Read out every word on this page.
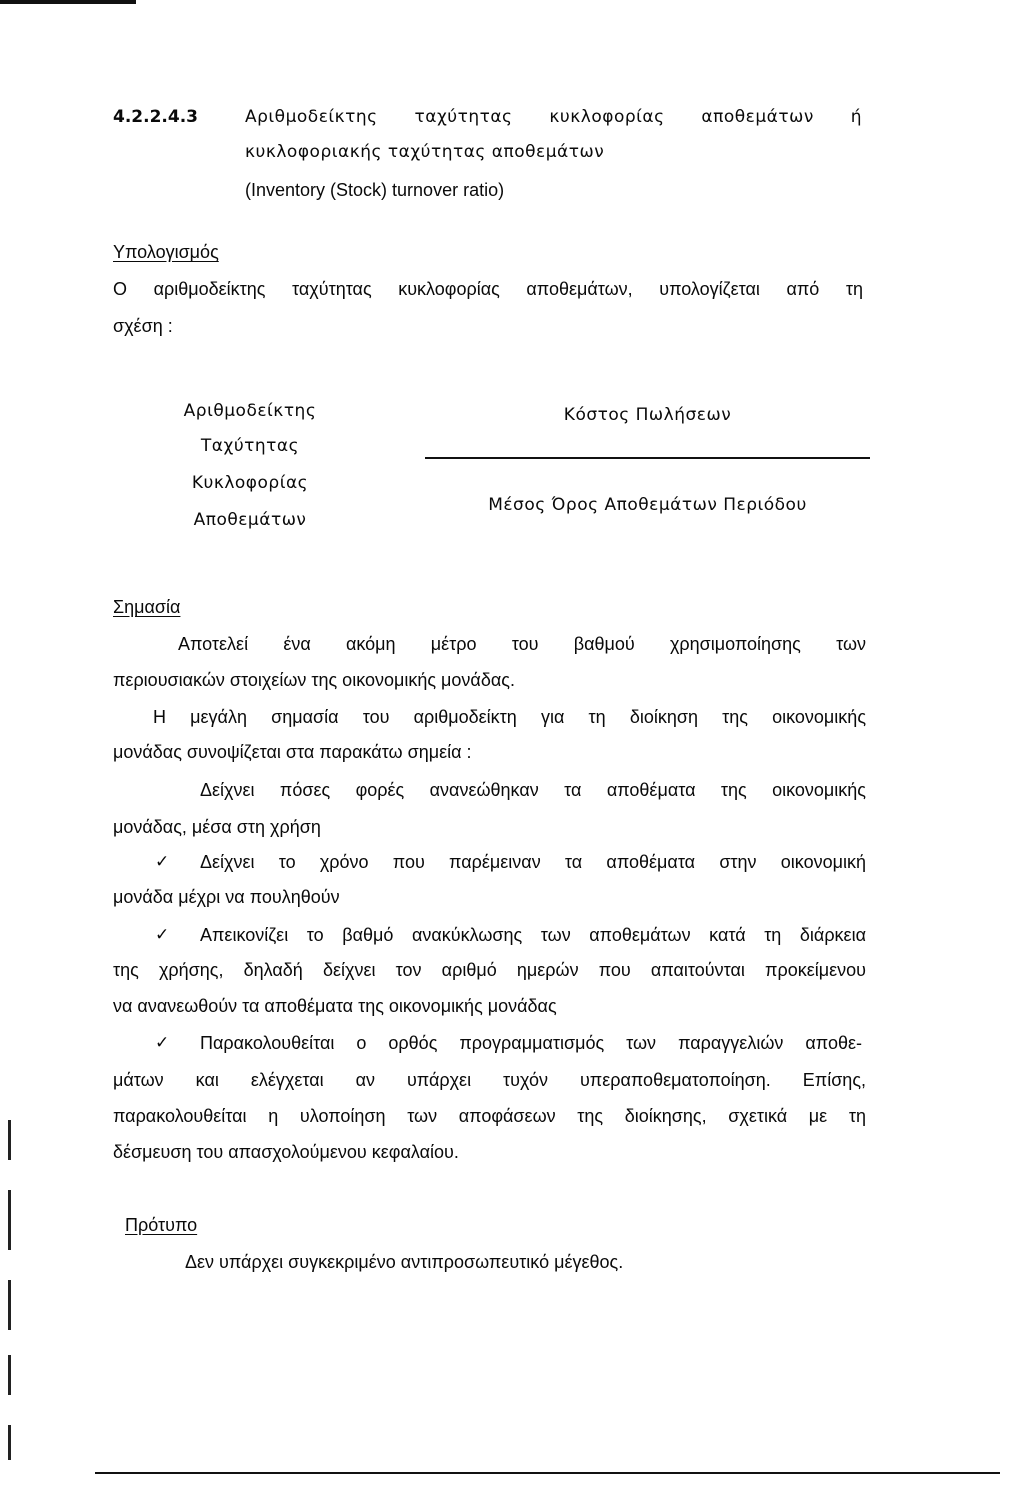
4.2.2.4.3	Αριθμοδείκτης ταχύτητας κυκλοφορίας αποθεμάτων ή
κυκλοφοριακής ταχύτητας αποθεμάτων
(Inventory (Stock) turnover ratio)
Υπολογισμός
Ο αριθμοδείκτης ταχύτητας κυκλοφορίας αποθεμάτων, υπολογίζεται από τη
σχέση :
Αριθμοδείκτης
Ταχύτητας
Κυκλοφορίας
Αποθεμάτων
Κόστος Πωλήσεων
Μέσος Όρος Αποθεμάτων Περιόδου
Σημασία
Αποτελεί ένα ακόμη μέτρο του βαθμού χρησιμοποίησης των
περιουσιακών στοιχείων της οικονομικής μονάδας.
Η μεγάλη σημασία του αριθμοδείκτη για τη διοίκηση της οικονομικής
μονάδας συνοψίζεται στα παρακάτω σημεία :
Δείχνει πόσες φορές ανανεώθηκαν τα αποθέματα της οικονομικής
μονάδας, μέσα στη χρήση
✓ Δείχνει το χρόνο που παρέμειναν τα αποθέματα στην οικονομική
μονάδα μέχρι να πουληθούν
✓ Απεικονίζει το βαθμό ανακύκλωσης των αποθεμάτων κατά τη διάρκεια
της χρήσης, δηλαδή δείχνει τον αριθμό ημερών που απαιτούνται προκείμενου
να ανανεωθούν τα αποθέματα της οικονομικής μονάδας
✓ Παρακολουθείται ο ορθός προγραμματισμός των παραγγελιών αποθε-
μάτων και ελέγχεται αν υπάρχει τυχόν υπεραποθεματοποίηση. Επίσης,
παρακολουθείται η υλοποίηση των αποφάσεων της διοίκησης, σχετικά με τη
δέσμευση του απασχολούμενου κεφαλαίου.
Πρότυπο
Δεν υπάρχει συγκεκριμένο αντιπροσωπευτικό μέγεθος.
